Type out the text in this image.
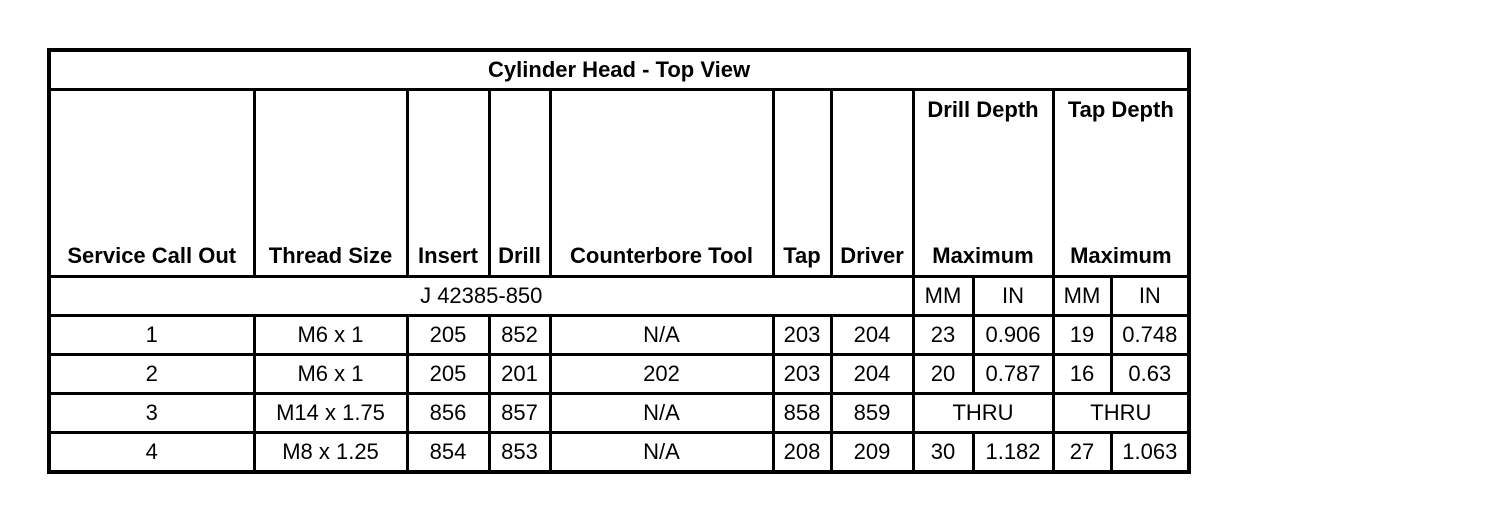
Cylinder Head - Top View										
Service Call Out	Thread Size	Insert	Drill	Counterbore Tool	Tap	Driver	Drill Depth		Tap Depth	
							Maximum		Maximum	
J 42385-850							MM	IN	MM	IN
1	M6 x 1	205	852	N/A	203	204	23	0.906	19	0.748
2	M6 x 1	205	201	202	203	204	20	0.787	16	0.63
3	M14 x 1.75	856	857	N/A	858	859	THRU		THRU	
4	M8 x 1.25	854	853	N/A	208	209	30	1.182	27	1.063
